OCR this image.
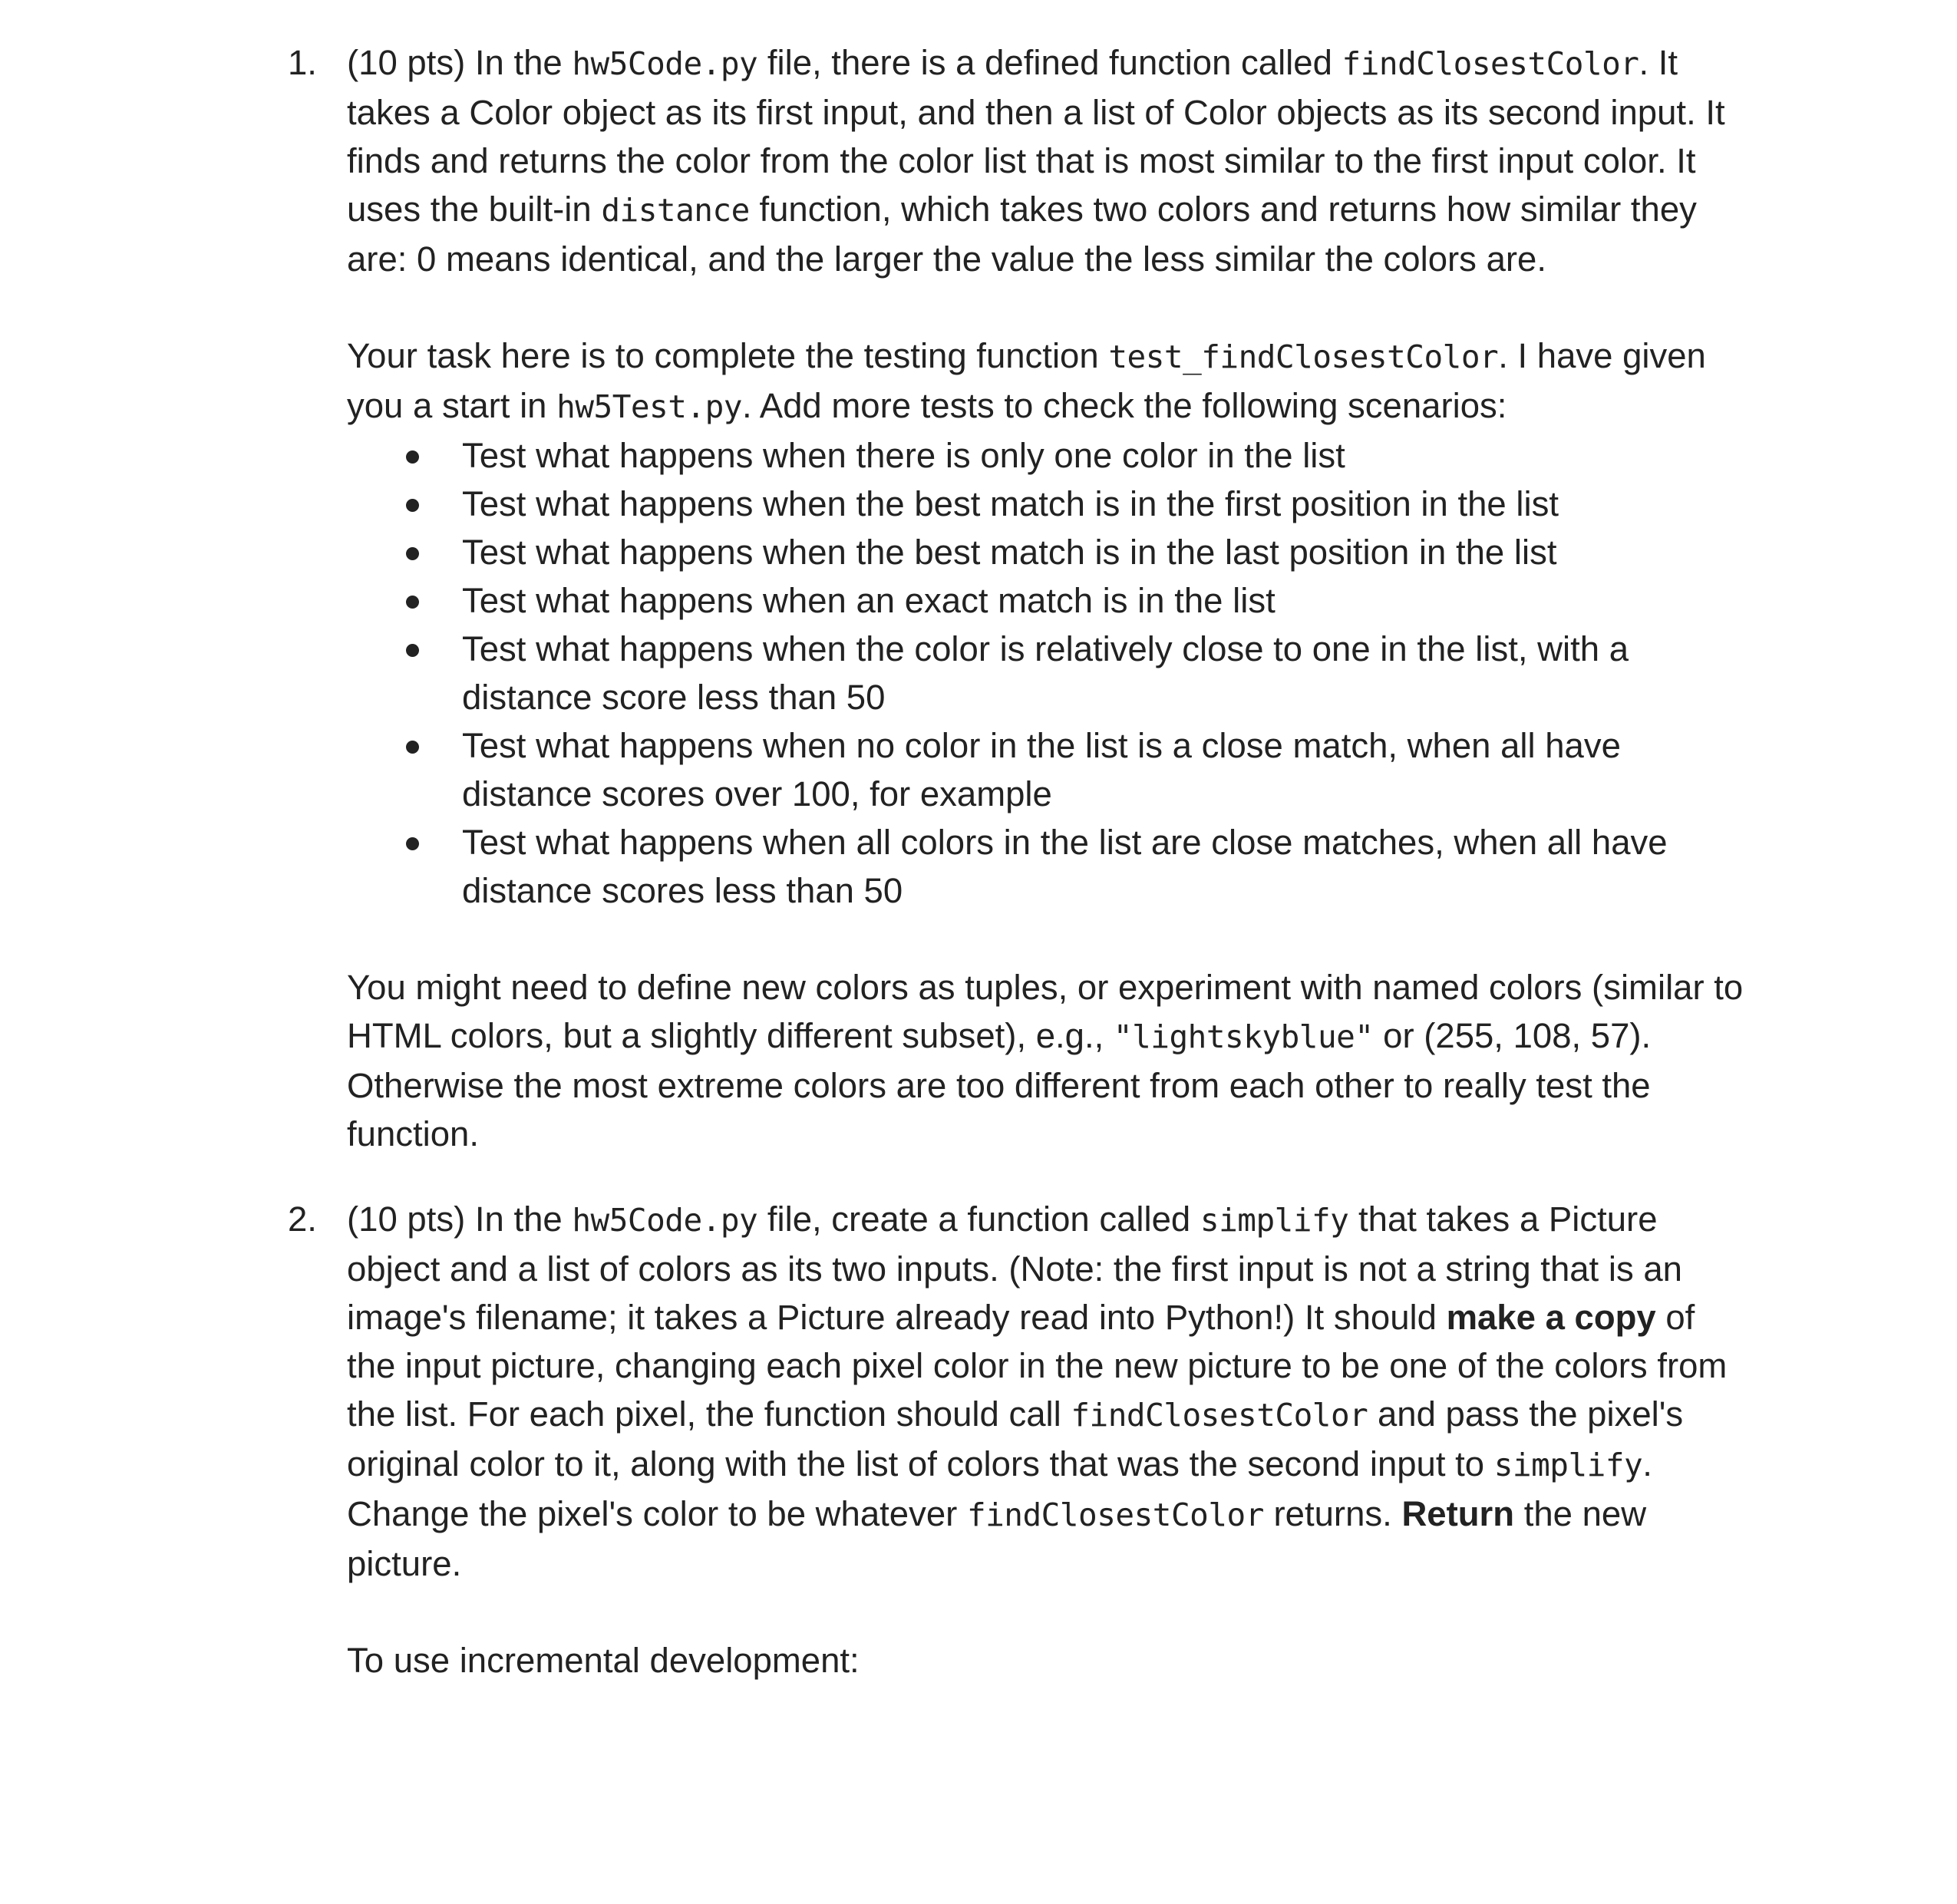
1. (10 pts) In the hw5Code.py file, there is a defined function called findClosestColor. It takes a Color object as its first input, and then a list of Color objects as its second input. It finds and returns the color from the color list that is most similar to the first input color. It uses the built-in distance function, which takes two colors and returns how similar they are: 0 means identical, and the larger the value the less similar the colors are.

Your task here is to complete the testing function test_findClosestColor. I have given you a start in hw5Test.py. Add more tests to check the following scenarios:

Test what happens when there is only one color in the list
Test what happens when the best match is in the first position in the list
Test what happens when the best match is in the last position in the list
Test what happens when an exact match is in the list
Test what happens when the color is relatively close to one in the list, with a distance score less than 50
Test what happens when no color in the list is a close match, when all have distance scores over 100, for example
Test what happens when all colors in the list are close matches, when all have distance scores less than 50

You might need to define new colors as tuples, or experiment with named colors (similar to HTML colors, but a slightly different subset), e.g., "lightskyblue" or (255, 108, 57). Otherwise the most extreme colors are too different from each other to really test the function.

2. (10 pts) In the hw5Code.py file, create a function called simplify that takes a Picture object and a list of colors as its two inputs. (Note: the first input is not a string that is an image's filename; it takes a Picture already read into Python!) It should make a copy of the input picture, changing each pixel color in the new picture to be one of the colors from the list. For each pixel, the function should call findClosestColor and pass the pixel's original color to it, along with the list of colors that was the second input to simplify. Change the pixel's color to be whatever findClosestColor returns. Return the new picture.

To use incremental development:
